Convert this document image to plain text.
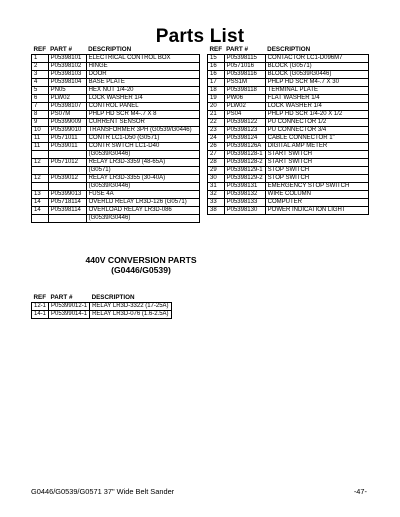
Parts List
REF	PART #	DESCRIPTION
1	P05398101	ELECTRICAL CONTROL BOX
2	P05398102	HINGE
3	P05398103	DOOR
4	P05398104	BASE PLATE
5	PN05	HEX NUT 1/4-20
6	PLW02	LOCK WASHER 1/4
7	P05398107	CONTROL PANEL
8	PS07M	PHLP HD SCR M4-.7 X 8
9	P05399009	CURRENT SENSOR
10	P05399010	TRANSFORMER 3PH (G0539/G0446)
11	P0571011	CONTR LC1-D50 (G0571)
11	P0539011	CONTR SWTCH LC1-D40
		(G0539/G0446)
12	P0571012	RELAY LR3D-3359 (48-65A)
		(G0571)
12	P0539012	RELAY LR3D-3355 (30-40A)
		(G0539/G0446)
13	P05399013	FUSE 4A
14	P05718114	OVERLD RELAY LR3D-126 (G0571)
14	P05398114	OVERLOAD RELAY LR3D-086
		(G0539/G0446)
REF	PART #	DESCRIPTION
15	P05398115	CONTACTOR LC1-D096M7
16	P0571016	BLOCK (G0571)
16	P05398116	BLOCK (G0539/G0446)
17	PSS1M	PHLP HD SCR M4-.7 X 30
18	P05398118	TERMINAL PLATE
19	PW06	FLAT WASHER 1/4
20	PLW02	LOCK WASHER 1/4
21	PS04	PHLP HD SCR 1/4-20 X 1/2
22	P05398122	PU CONNECTOR 1/2
23	P05398123	PU CONNECTOR 3/4
24	P05398124	CABLE CONNECTOR 1"
26	P05398126A	DIGITAL AMP METER
27	P05398128-1	START SWITCH
28	P05398128-2	START SWITCH
29	P05398129-1	STOP SWITCH
30	P05398129-2	STOP SWITCH
31	P05398131	EMERGENCY STOP SWITCH
32	P05398132	WIRE COLUMN
33	P05398133	COMPUTER
38	P05398130	POWER INDICATION LIGHT
440V CONVERSION PARTS
(G0446/G0539)
REF	PART #	DESCRIPTION
12-1	P05399012-1	RELAY LR3D-3322 (17-25A)
14-1	P05399014-1	RELAY LR3D-076 (1.6-2.5A)
G0446/G0539/G0571 37" Wide Belt Sander	-47-
